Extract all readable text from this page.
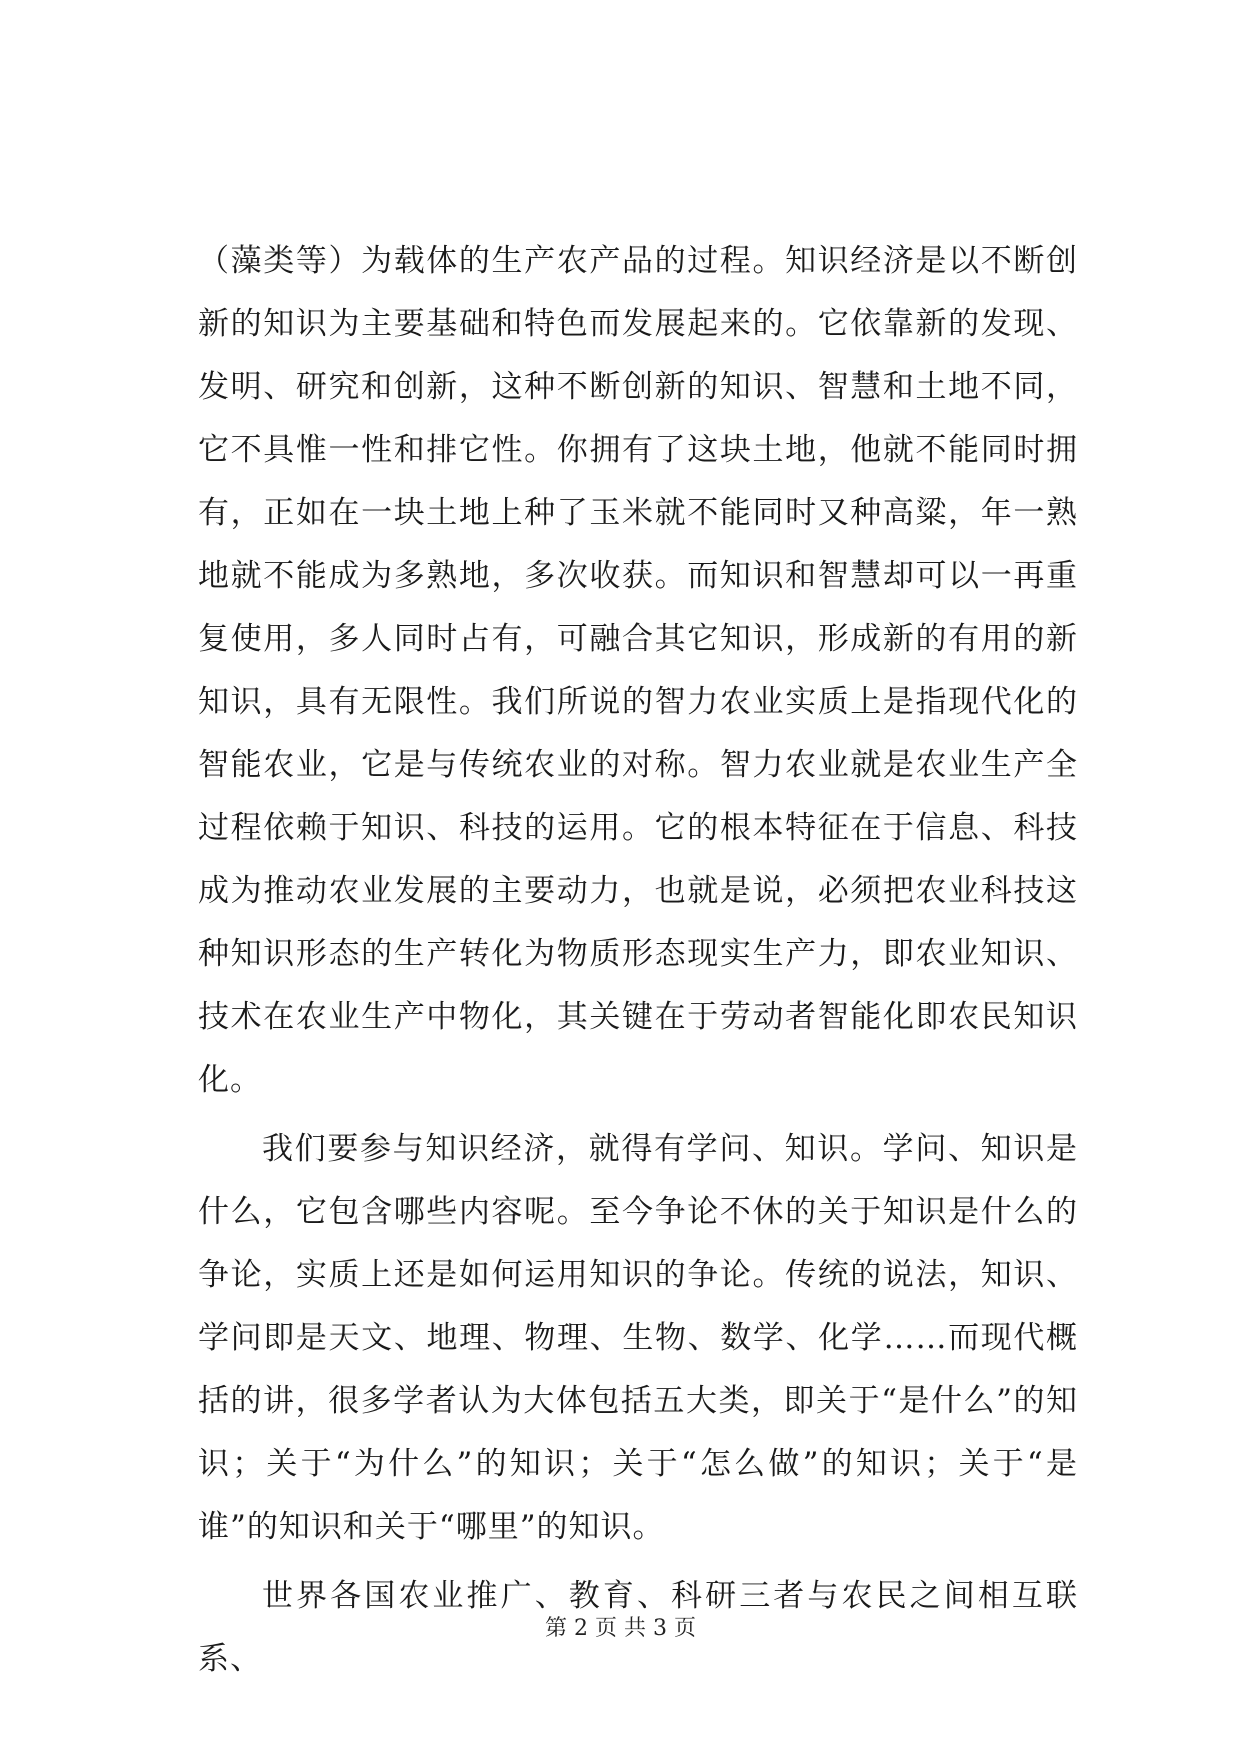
（藻类等）为载体的生产农产品的过程。知识经济是以不断创新的知识为主要基础和特色而发展起来的。它依靠新的发现、发明、研究和创新，这种不断创新的知识、智慧和土地不同，它不具惟一性和排它性。你拥有了这块土地，他就不能同时拥有，正如在一块土地上种了玉米就不能同时又种高粱，年一熟地就不能成为多熟地，多次收获。而知识和智慧却可以一再重复使用，多人同时占有，可融合其它知识，形成新的有用的新知识，具有无限性。我们所说的智力农业实质上是指现代化的智能农业，它是与传统农业的对称。智力农业就是农业生产全过程依赖于知识、科技的运用。它的根本特征在于信息、科技成为推动农业发展的主要动力，也就是说，必须把农业科技这种知识形态的生产转化为物质形态现实生产力，即农业知识、技术在农业生产中物化，其关键在于劳动者智能化即农民知识化。

我们要参与知识经济，就得有学问、知识。学问、知识是什么，它包含哪些内容呢。至今争论不休的关于知识是什么的争论，实质上还是如何运用知识的争论。传统的说法，知识、学问即是天文、地理、物理、生物、数学、化学……而现代概括的讲，很多学者认为大体包括五大类，即关于“是什么”的知识；关于“为什么”的知识；关于“怎么做”的知识；关于“是谁”的知识和关于“哪里”的知识。

世界各国农业推广、教育、科研三者与农民之间相互联系、

第 2 页 共 3 页
